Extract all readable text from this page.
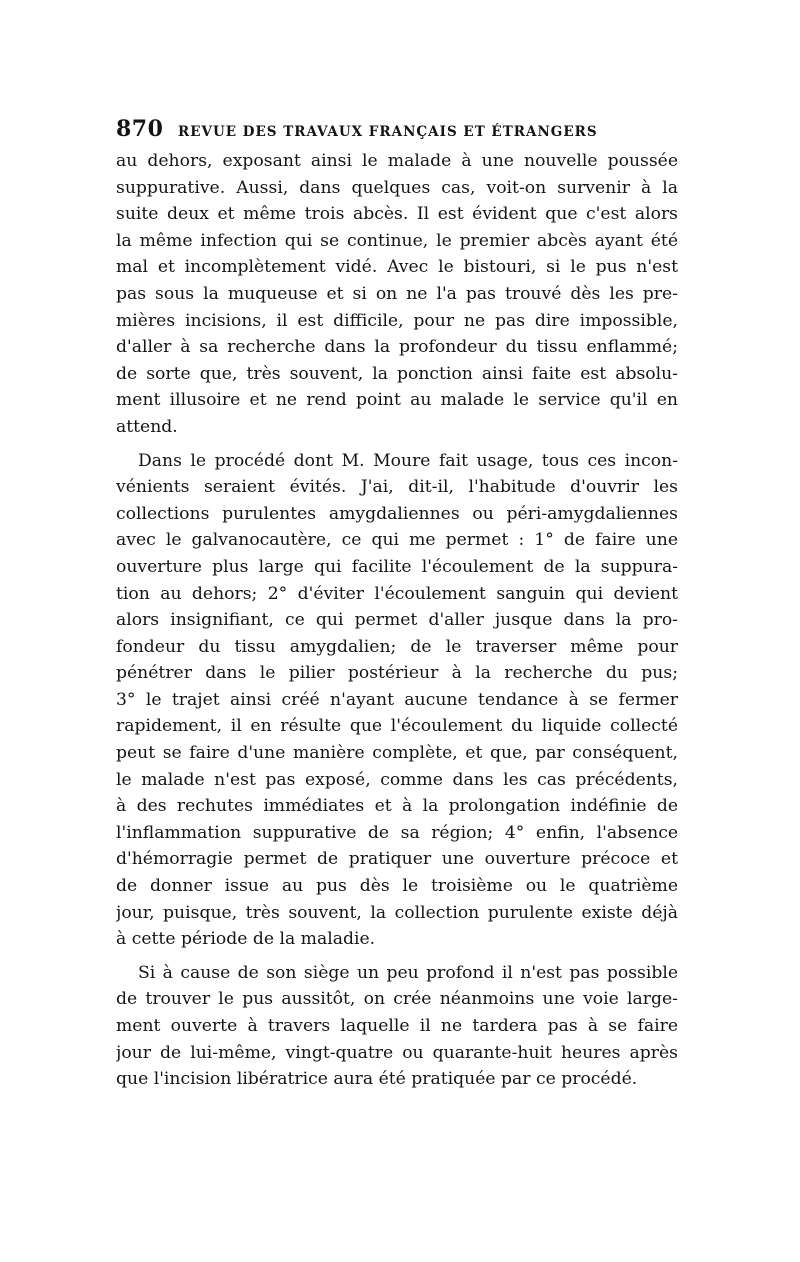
870	REVUE DES TRAVAUX FRANÇAIS ET ÉTRANGERS
au dehors, exposant ainsi le malade à une nouvelle poussée
suppurative. Aussi, dans quelques cas, voit-on survenir à la
suite deux et même trois abcès. Il est évident que c'est alors
la même infection qui se continue, le premier abcès ayant été
mal et incomplètement vidé. Avec le bistouri, si le pus n'est
pas sous la muqueuse et si on ne l'a pas trouvé dès les pre-
mières incisions, il est difficile, pour ne pas dire impossible,
d'aller à sa recherche dans la profondeur du tissu enflammé;
de sorte que, très souvent, la ponction ainsi faite est absolu-
ment illusoire et ne rend point au malade le service qu'il en
attend.
Dans le procédé dont M. Moure fait usage, tous ces incon-
vénients seraient évités. J'ai, dit-il, l'habitude d'ouvrir les
collections purulentes amygdaliennes ou péri-amygdaliennes
avec le galvanocautère, ce qui me permet : 1° de faire une
ouverture plus large qui facilite l'écoulement de la suppura-
tion au dehors; 2° d'éviter l'écoulement sanguin qui devient
alors insignifiant, ce qui permet d'aller jusque dans la pro-
fondeur du tissu amygdalien; de le traverser même pour
pénétrer dans le pilier postérieur à la recherche du pus;
3° le trajet ainsi créé n'ayant aucune tendance à se fermer
rapidement, il en résulte que l'écoulement du liquide collecté
peut se faire d'une manière complète, et que, par conséquent,
le malade n'est pas exposé, comme dans les cas précédents,
à des rechutes immédiates et à la prolongation indéfinie de
l'inflammation suppurative de sa région; 4° enfin, l'absence
d'hémorragie permet de pratiquer une ouverture précoce et
de donner issue au pus dès le troisième ou le quatrième
jour, puisque, très souvent, la collection purulente existe déjà
à cette période de la maladie.
Si à cause de son siège un peu profond il n'est pas possible
de trouver le pus aussitôt, on crée néanmoins une voie large-
ment ouverte à travers laquelle il ne tardera pas à se faire
jour de lui-même, vingt-quatre ou quarante-huit heures après
que l'incision libératrice aura été pratiquée par ce procédé.
